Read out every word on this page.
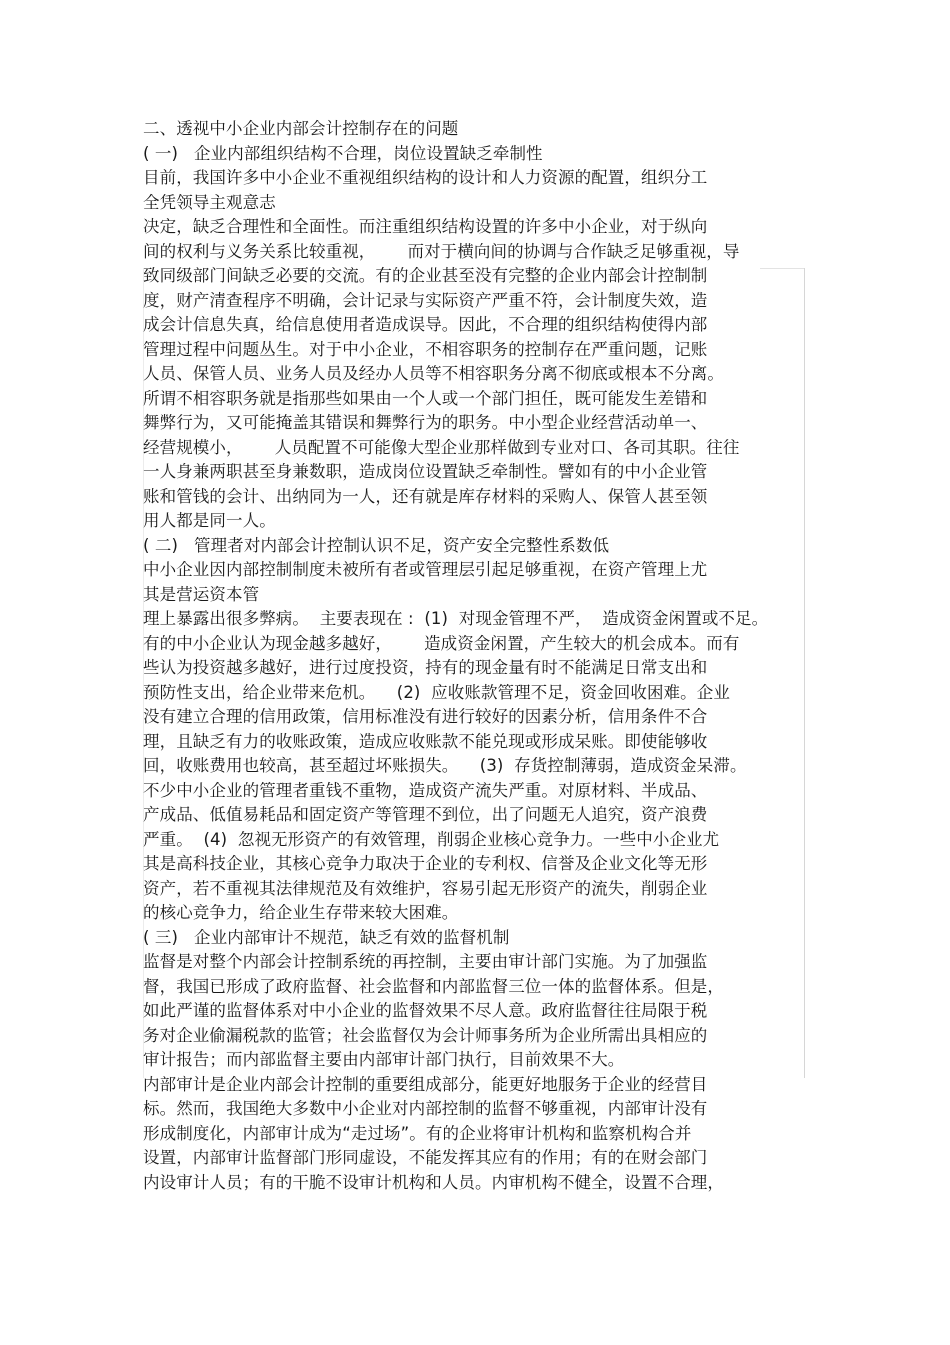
二、透视中小企业内部会计控制存在的问题
( 一)   企业内部组织结构不合理，岗位设置缺乏牵制性
目前，我国许多中小企业不重视组织结构的设计和人力资源的配置，组织分工
全凭领导主观意志
决定，缺乏合理性和全面性。而注重组织结构设置的许多中小企业，对于纵向
间的权利与义务关系比较重视，      而对于横向间的协调与合作缺乏足够重视，导
致同级部门间缺乏必要的交流。有的企业甚至没有完整的企业内部会计控制制
度，财产清查程序不明确，会计记录与实际资产严重不符，会计制度失效，造
成会计信息失真，给信息使用者造成误导。因此，不合理的组织结构使得内部
管理过程中问题丛生。对于中小企业，不相容职务的控制存在严重问题，记账
人员、保管人员、业务人员及经办人员等不相容职务分离不彻底或根本不分离。
所谓不相容职务就是指那些如果由一个人或一个部门担任，既可能发生差错和
舞弊行为，又可能掩盖其错误和舞弊行为的职务。中小型企业经营活动单一、
经营规模小，      人员配置不可能像大型企业那样做到专业对口、各司其职。往往
一人身兼两职甚至身兼数职，造成岗位设置缺乏牵制性。譬如有的中小企业管
账和管钱的会计、出纳同为一人，还有就是库存材料的采购人、保管人甚至领
用人都是同一人。
( 二)   管理者对内部会计控制认识不足，资产安全完整性系数低
中小企业因内部控制制度未被所有者或管理层引起足够重视，在资产管理上尤
其是营运资本管
理上暴露出很多弊病。  主要表现在 :  (1)  对现金管理不严，  造成资金闲置或不足。
有的中小企业认为现金越多越好，      造成资金闲置，产生较大的机会成本。而有
些认为投资越多越好，进行过度投资，持有的现金量有时不能满足日常支出和
预防性支出，给企业带来危机。    (2)  应收账款管理不足，资金回收困难。企业
没有建立合理的信用政策，信用标准没有进行较好的因素分析，信用条件不合
理，且缺乏有力的收账政策，造成应收账款不能兑现或形成呆账。即使能够收
回，收账费用也较高，甚至超过坏账损失。    (3)  存货控制薄弱，造成资金呆滞。
不少中小企业的管理者重钱不重物，造成资产流失严重。对原材料、半成品、
产成品、低值易耗品和固定资产等管理不到位，出了问题无人追究，资产浪费
严重。  (4)  忽视无形资产的有效管理，削弱企业核心竞争力。一些中小企业尤
其是高科技企业，其核心竞争力取决于企业的专利权、信誉及企业文化等无形
资产，若不重视其法律规范及有效维护，容易引起无形资产的流失，削弱企业
的核心竞争力，给企业生存带来较大困难。
( 三)   企业内部审计不规范，缺乏有效的监督机制
监督是对整个内部会计控制系统的再控制，主要由审计部门实施。为了加强监
督，我国已形成了政府监督、社会监督和内部监督三位一体的监督体系。但是，
如此严谨的监督体系对中小企业的监督效果不尽人意。政府监督往往局限于税
务对企业偷漏税款的监管；社会监督仅为会计师事务所为企业所需出具相应的
审计报告；而内部监督主要由内部审计部门执行，目前效果不大。
内部审计是企业内部会计控制的重要组成部分，能更好地服务于企业的经营目
标。然而，我国绝大多数中小企业对内部控制的监督不够重视，内部审计没有
形成制度化，内部审计成为“走过场”。有的企业将审计机构和监察机构合并
设置，内部审计监督部门形同虚设，不能发挥其应有的作用；有的在财会部门
内设审计人员；有的干脆不设审计机构和人员。内审机构不健全，设置不合理，
